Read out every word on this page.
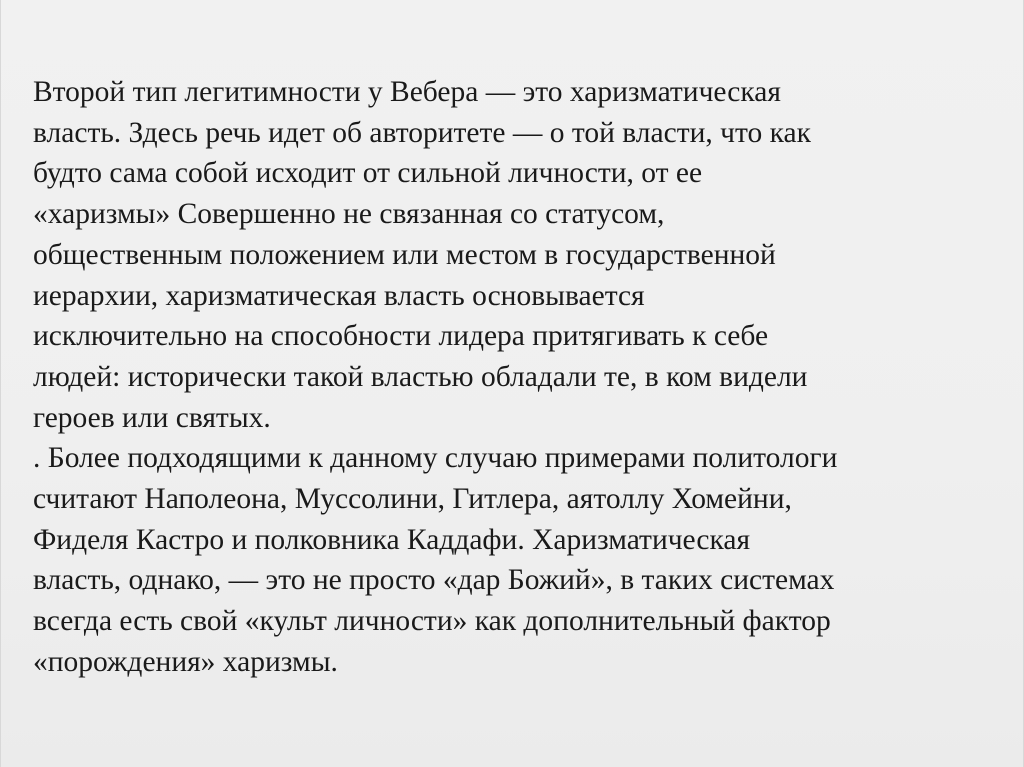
Второй тип легитимности у Вебера — это харизматическая
власть. Здесь речь идет об авторитете — о той власти, что как
будто сама собой исходит от сильной личности, от ее
«харизмы» Совершенно не связанная со статусом,
общественным положением или местом в государственной
иерархии, харизматическая власть основывается
исключительно на способности лидера притягивать к себе
людей: исторически такой властью обладали те, в ком видели
героев или святых.
. Более подходящими к данному случаю примерами политологи
считают Наполеона, Муссолини, Гитлера, аятоллу Хомейни,
Фиделя Кастро и полковника Каддафи. Харизматическая
власть, однако, — это не просто «дар Божий», в таких системах
всегда есть свой «культ личности» как дополнительный фактор
«порождения» харизмы.
